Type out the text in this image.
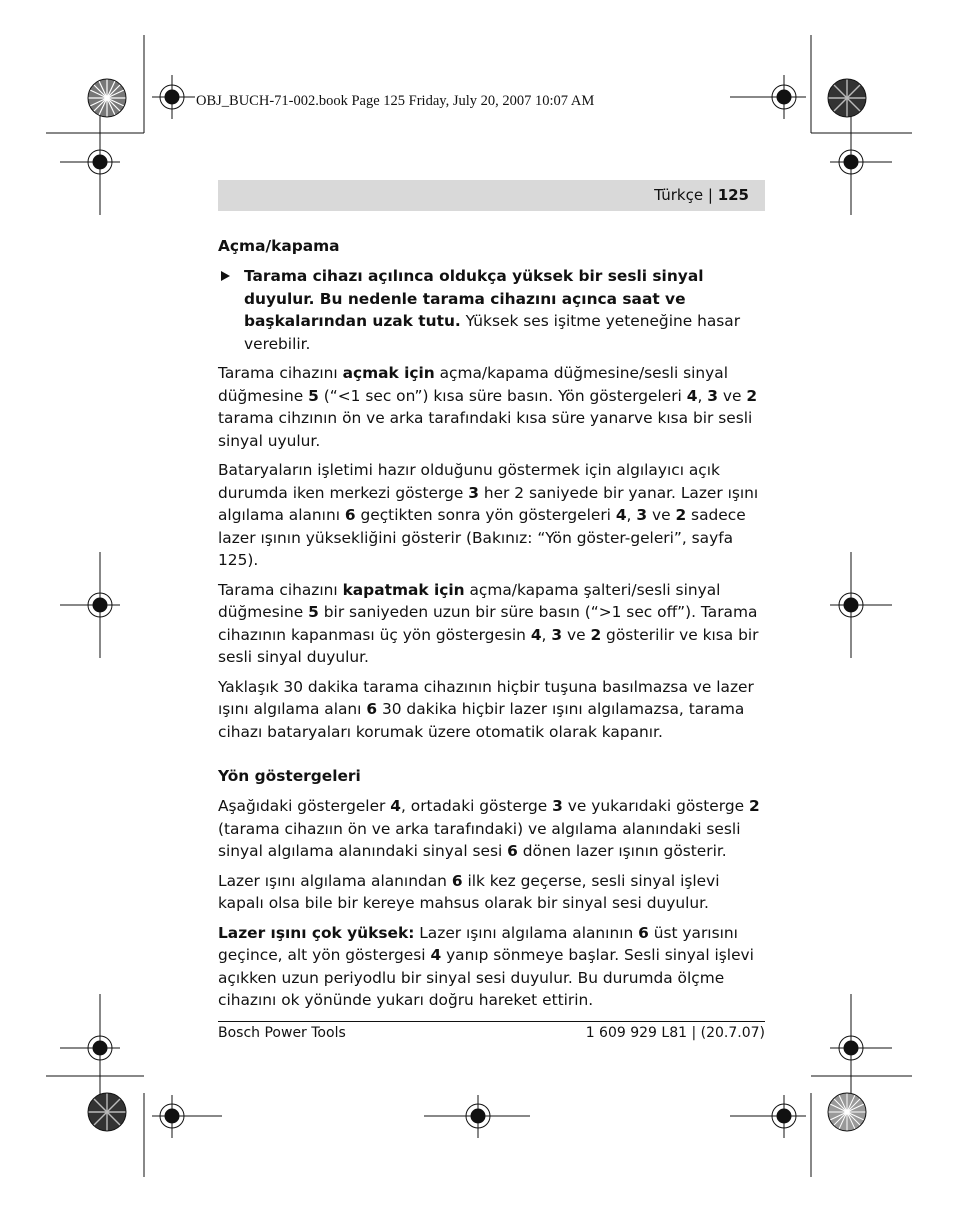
OBJ_BUCH-71-002.book Page 125 Friday, July 20, 2007 10:07 AM
Türkçe | 125
Açma/kapama
Tarama cihazı açılınca oldukça yüksek bir sesli sinyal duyulur. Bu nedenle tarama cihazını açınca saat ve başkalarından uzak tutu. Yüksek ses işitme yeteneğine hasar verebilir.

Tarama cihazını açmak için açma/kapama düğmesine/sesli sinyal düğmesine 5 (“<1 sec on”) kısa süre basın. Yön göstergeleri 4, 3 ve 2 tarama cihzının ön ve arka tarafındaki kısa süre yanarve kısa bir sesli sinyal uyulur.

Bataryaların işletimi hazır olduğunu göstermek için algılayıcı açık durumda iken merkezi gösterge 3 her 2 saniyede bir yanar. Lazer ışını algılama alanını 6 geçtikten sonra yön göstergeleri 4, 3 ve 2 sadece lazer ışının yüksekliğini gösterir (Bakınız: “Yön göster-geleri”, sayfa 125).

Tarama cihazını kapatmak için açma/kapama şalteri/sesli sinyal düğmesine 5 bir saniyeden uzun bir süre basın (“>1 sec off”). Tarama cihazının kapanması üç yön göstergesin 4, 3 ve 2 gösterilir ve kısa bir sesli sinyal duyulur.

Yaklaşık 30 dakika tarama cihazının hiçbir tuşuna basılmazsa ve lazer ışını algılama alanı 6 30 dakika hiçbir lazer ışını algılamazsa, tarama cihazı bataryaları korumak üzere otomatik olarak kapanır.

Yön göstergeleri

Aşağıdaki göstergeler 4, ortadaki gösterge 3 ve yukarıdaki gösterge 2 (tarama cihazıın ön ve arka tarafındaki) ve algılama alanındaki sesli sinyal algılama alanındaki sinyal sesi 6 dönen lazer ışının gösterir.

Lazer ışını algılama alanından 6 ilk kez geçerse, sesli sinyal işlevi kapalı olsa bile bir kereye mahsus olarak bir sinyal sesi duyulur.

Lazer ışını çok yüksek: Lazer ışını algılama alanının 6 üst yarısını geçince, alt yön göstergesi 4 yanıp sönmeye başlar. Sesli sinyal işlevi açıkken uzun periyodlu bir sinyal sesi duyulur. Bu durumda ölçme cihazını ok yönünde yukarı doğru hareket ettirin.

Bosch Power Tools	1 609 929 L81 | (20.7.07)
